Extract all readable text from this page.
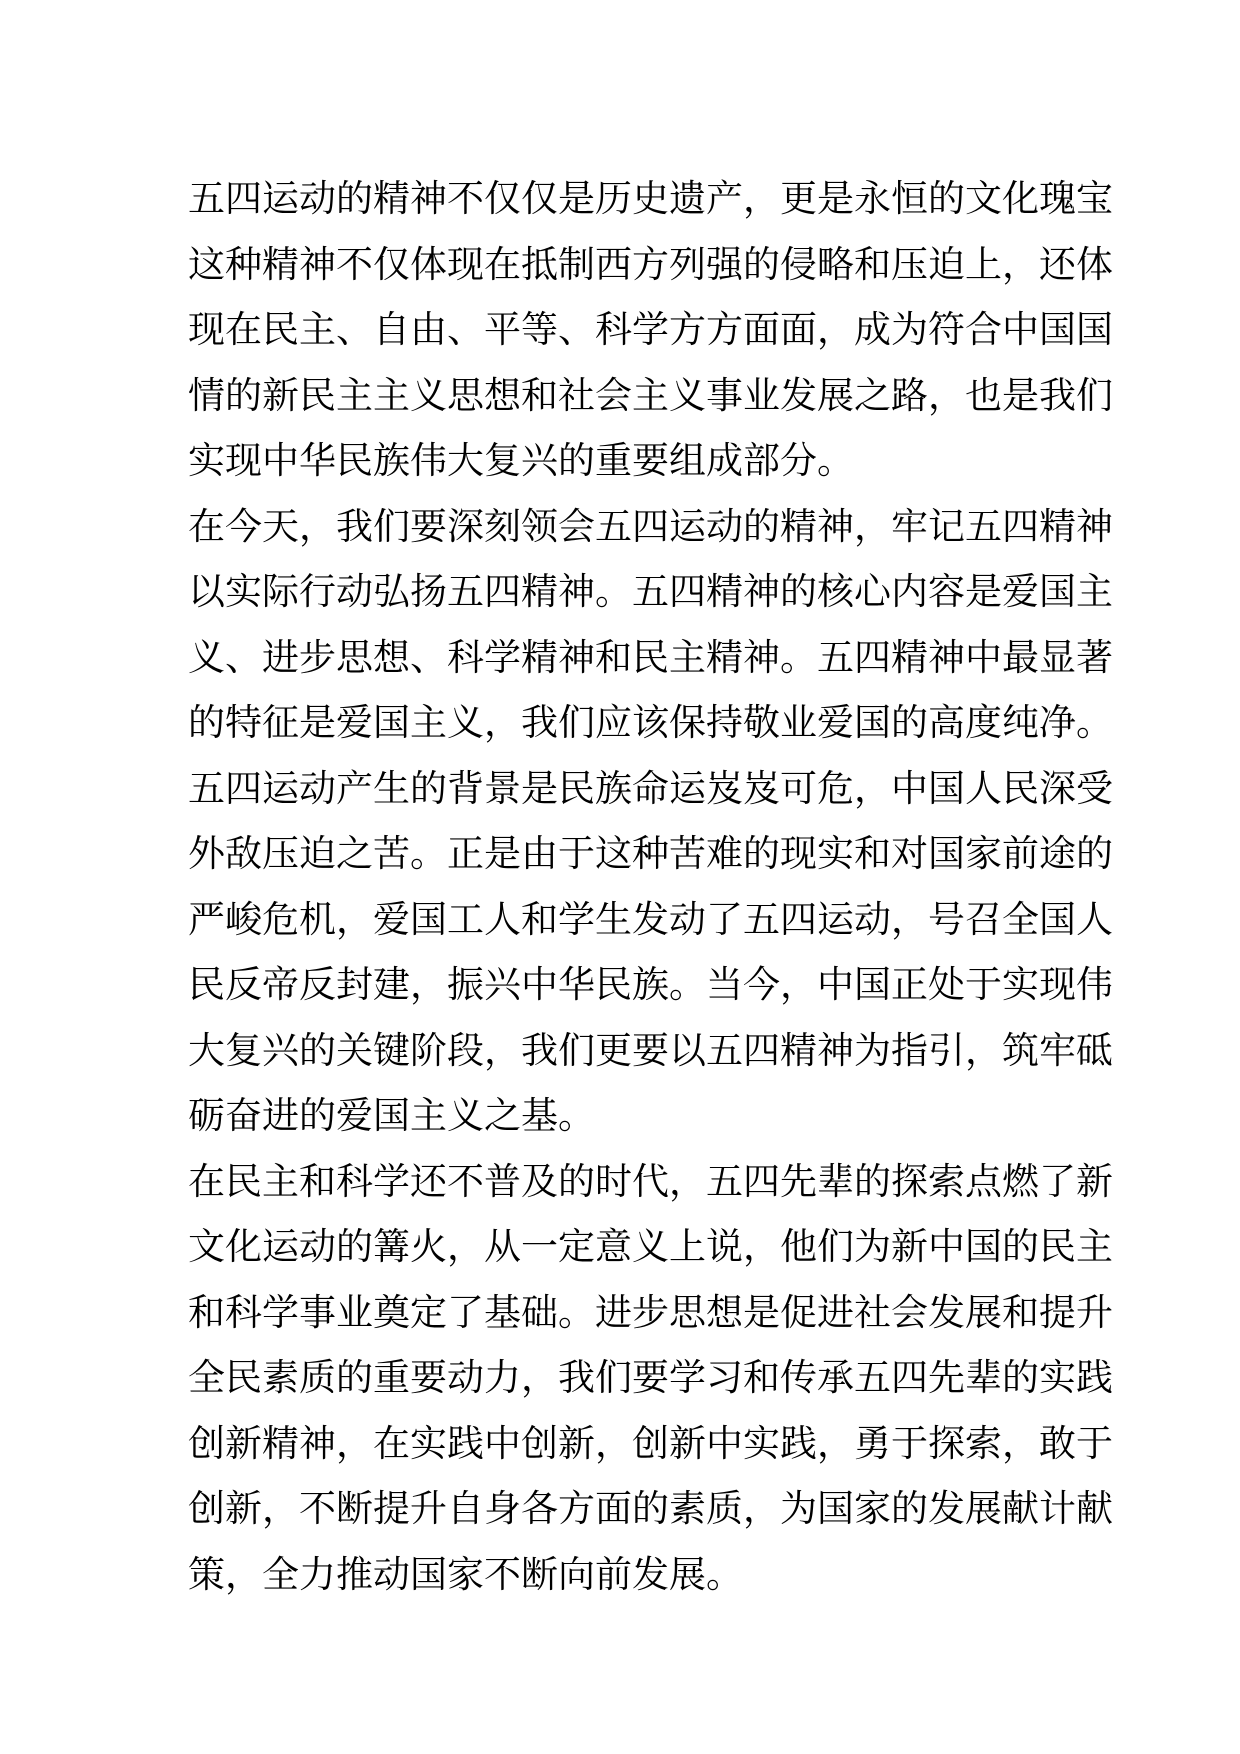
五四运动的精神不仅仅是历史遗产，更是永恒的文化瑰宝
这种精神不仅体现在抵制西方列强的侵略和压迫上，还体
现在民主、自由、平等、科学方方面面，成为符合中国国
情的新民主主义思想和社会主义事业发展之路，也是我们
实现中华民族伟大复兴的重要组成部分。
在今天，我们要深刻领会五四运动的精神，牢记五四精神
以实际行动弘扬五四精神。五四精神的核心内容是爱国主
义、进步思想、科学精神和民主精神。五四精神中最显著
的特征是爱国主义，我们应该保持敬业爱国的高度纯净。
五四运动产生的背景是民族命运岌岌可危，中国人民深受
外敌压迫之苦。正是由于这种苦难的现实和对国家前途的
严峻危机，爱国工人和学生发动了五四运动，号召全国人
民反帝反封建，振兴中华民族。当今，中国正处于实现伟
大复兴的关键阶段，我们更要以五四精神为指引，筑牢砥
砺奋进的爱国主义之基。
在民主和科学还不普及的时代，五四先辈的探索点燃了新
文化运动的篝火，从一定意义上说，他们为新中国的民主
和科学事业奠定了基础。进步思想是促进社会发展和提升
全民素质的重要动力，我们要学习和传承五四先辈的实践
创新精神，在实践中创新，创新中实践，勇于探索，敢于
创新，不断提升自身各方面的素质，为国家的发展献计献
策，全力推动国家不断向前发展。
